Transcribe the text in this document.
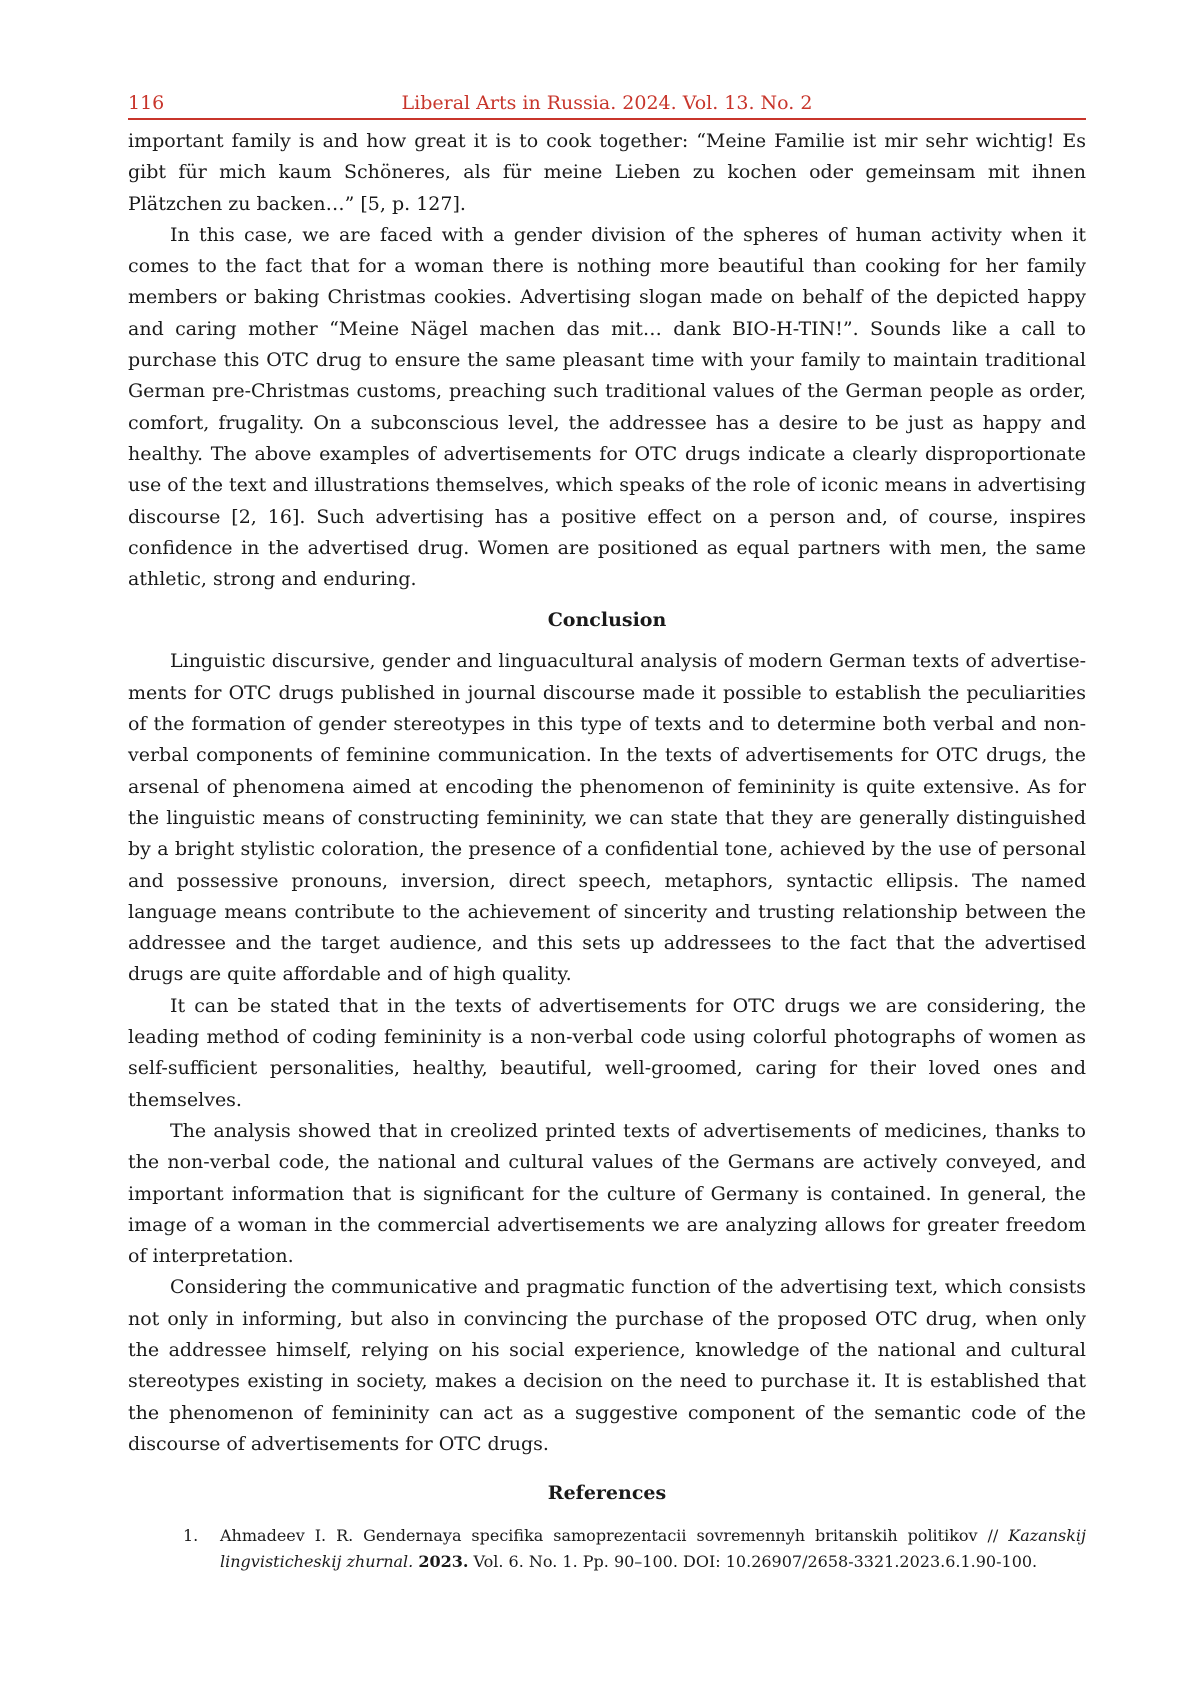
116	Liberal Arts in Russia. 2024. Vol. 13. No. 2

important family is and how great it is to cook together: “Meine Familie ist mir sehr wichtig! Es gibt für mich kaum Schöneres, als für meine Lieben zu kochen oder gemeinsam mit ihnen Plätzchen zu backen…” [5, p. 127].

In this case, we are faced with a gender division of the spheres of human activity when it comes to the fact that for a woman there is nothing more beautiful than cooking for her family members or baking Christmas cookies. Advertising slogan made on behalf of the depicted happy and caring mother “Meine Nägel machen das mit… dank BIO-H-TIN!”. Sounds like a call to purchase this OTC drug to ensure the same pleasant time with your family to maintain traditional German pre-Christmas customs, preaching such traditional values of the German people as order, comfort, frugality. On a subconscious level, the addressee has a desire to be just as happy and healthy. The above examples of advertisements for OTC drugs indicate a clearly disproportionate use of the text and illustrations themselves, which speaks of the role of iconic means in advertising discourse [2, 16]. Such advertising has a positive effect on a person and, of course, inspires confidence in the advertised drug. Women are positioned as equal partners with men, the same athletic, strong and enduring.

Conclusion

Linguistic discursive, gender and linguacultural analysis of modern German texts of advertisements for OTC drugs published in journal discourse made it possible to establish the peculiarities of the formation of gender stereotypes in this type of texts and to determine both verbal and non-verbal components of feminine communication. In the texts of advertisements for OTC drugs, the arsenal of phenomena aimed at encoding the phenomenon of femininity is quite extensive. As for the linguistic means of constructing femininity, we can state that they are generally distinguished by a bright stylistic coloration, the presence of a confidential tone, achieved by the use of personal and possessive pronouns, inversion, direct speech, metaphors, syntactic ellipsis. The named language means contribute to the achievement of sincerity and trusting relationship between the addressee and the target audience, and this sets up addressees to the fact that the advertised drugs are quite affordable and of high quality.

It can be stated that in the texts of advertisements for OTC drugs we are considering, the leading method of coding femininity is a non-verbal code using colorful photographs of women as self-sufficient personalities, healthy, beautiful, well-groomed, caring for their loved ones and themselves.

The analysis showed that in creolized printed texts of advertisements of medicines, thanks to the non-verbal code, the national and cultural values of the Germans are actively conveyed, and important information that is significant for the culture of Germany is contained. In general, the image of a woman in the commercial advertisements we are analyzing allows for greater freedom of interpretation.

Considering the communicative and pragmatic function of the advertising text, which consists not only in informing, but also in convincing the purchase of the proposed OTC drug, when only the addressee himself, relying on his social experience, knowledge of the national and cultural stereotypes existing in society, makes a decision on the need to purchase it. It is established that the phenomenon of femininity can act as a suggestive component of the semantic code of the discourse of advertisements for OTC drugs.

References
1. Ahmadeev I. R. Gendernaya specifika samoprezentacii sovremennyh britanskih politikov // Kazanskij lingvisticheskij zhurnal. 2023. Vol. 6. No. 1. Pp. 90–100. DOI: 10.26907/2658-3321.2023.6.1.90-100.
